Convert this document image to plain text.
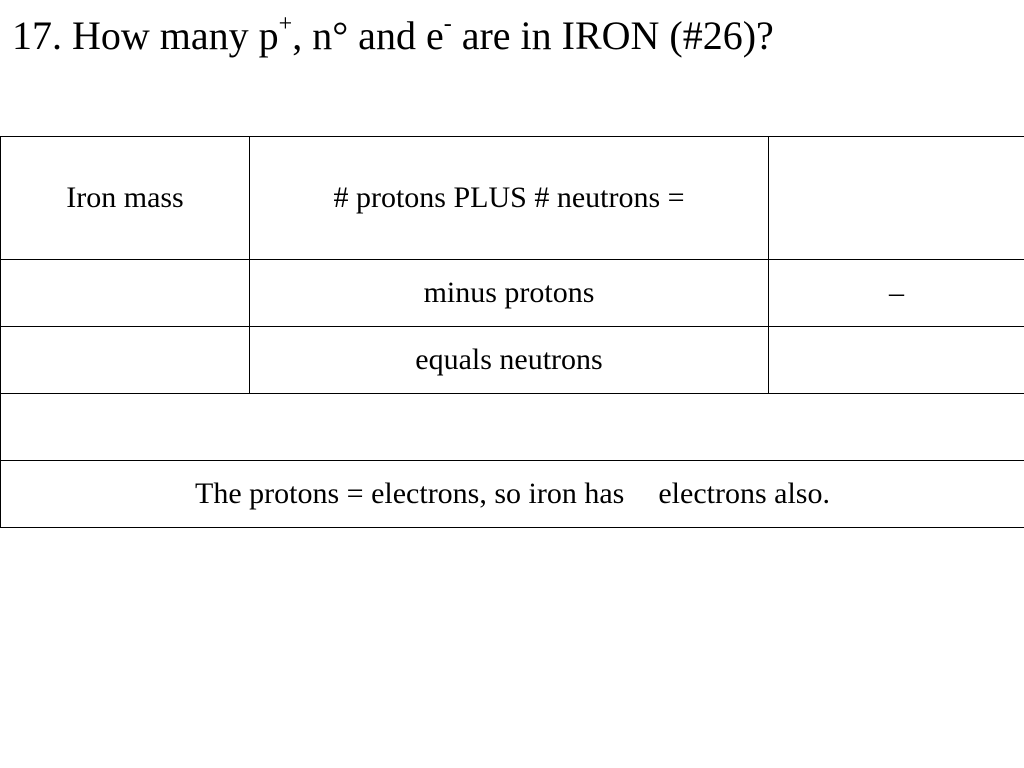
17. How many p+, n° and e- are in IRON (#26)?
Iron mass	# protons PLUS # neutrons =	
	minus protons	–
	equals neutrons	

The protons = electrons, so iron has electrons also.		
